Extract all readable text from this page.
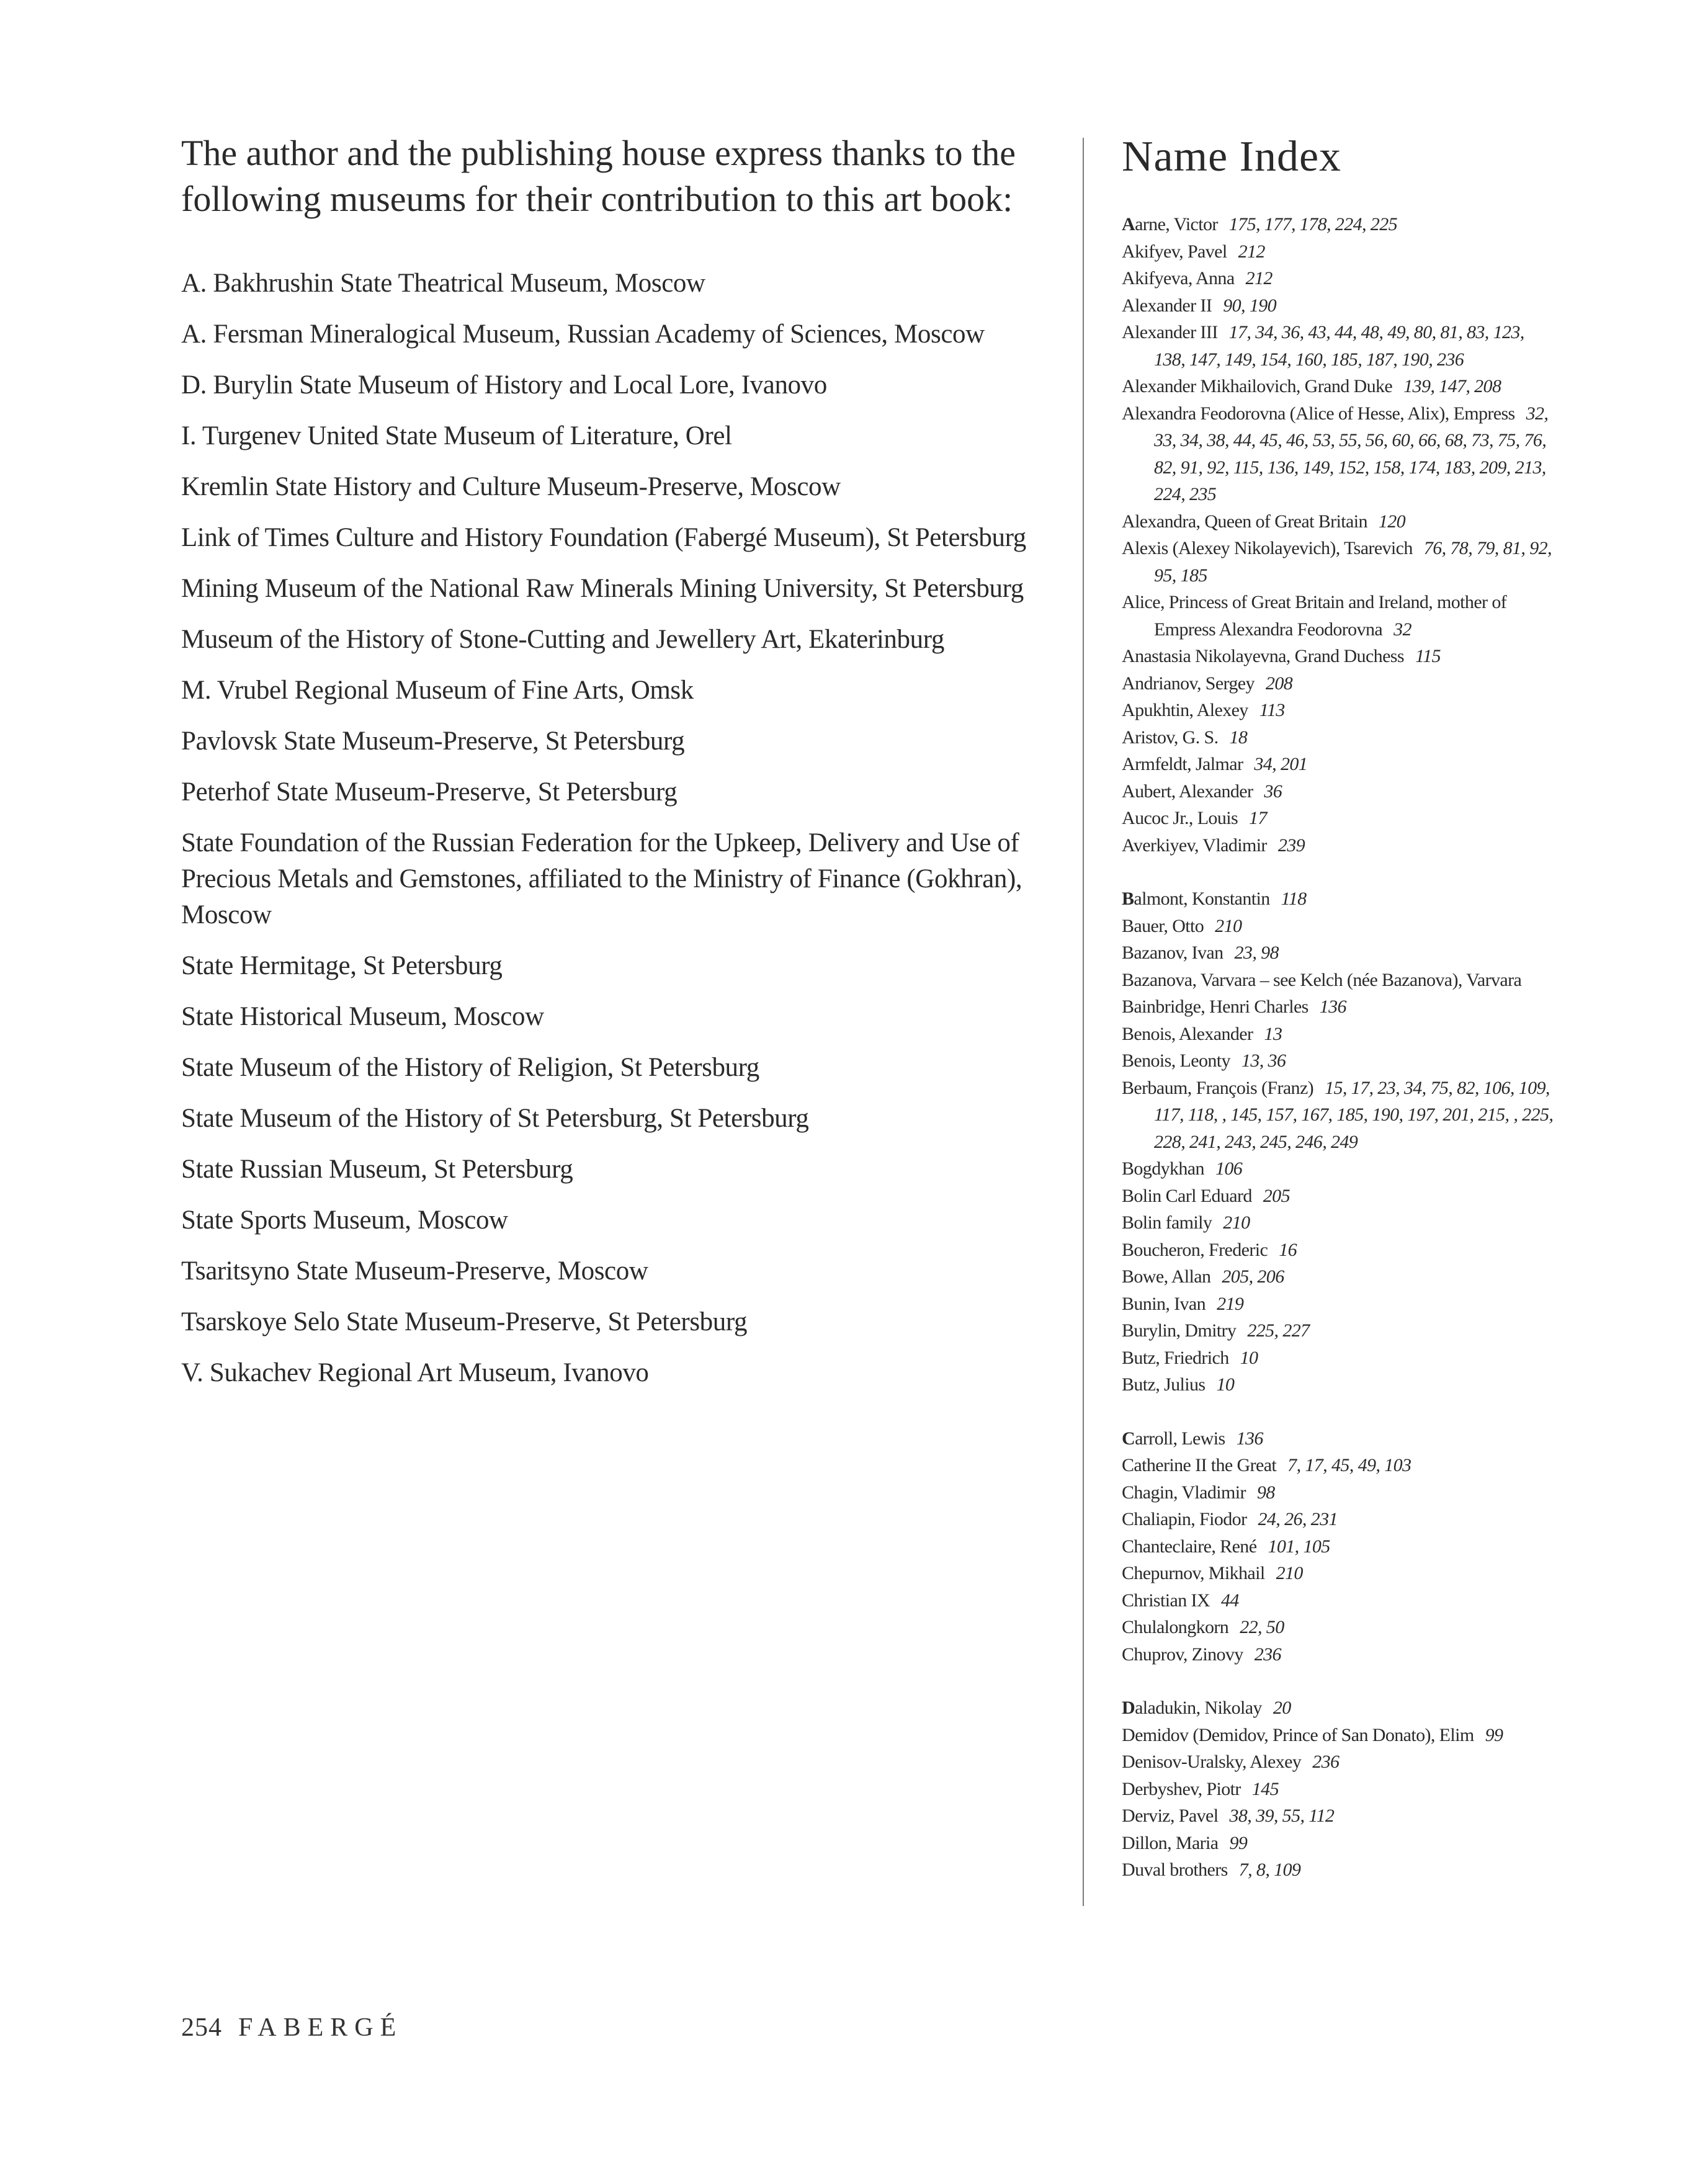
The author and the publishing house express thanks to the following museums for their contribution to this art book:
A. Bakhrushin State Theatrical Museum, Moscow
A. Fersman Mineralogical Museum, Russian Academy of Sciences, Moscow
D. Burylin State Museum of History and Local Lore, Ivanovo
I. Turgenev United State Museum of Literature, Orel
Kremlin State History and Culture Museum-Preserve, Moscow
Link of Times Culture and History Foundation (Fabergé Museum), St Petersburg
Mining Museum of the National Raw Minerals Mining University, St Petersburg
Museum of the History of Stone-Cutting and Jewellery Art, Ekaterinburg
M. Vrubel Regional Museum of Fine Arts, Omsk
Pavlovsk State Museum-Preserve, St Petersburg
Peterhof State Museum-Preserve, St Petersburg
State Foundation of the Russian Federation for the Upkeep, Delivery and Use of Precious Metals and Gemstones, affiliated to the Ministry of Finance (Gokhran), Moscow
State Hermitage, St Petersburg
State Historical Museum, Moscow
State Museum of the History of Religion, St Petersburg
State Museum of the History of St Petersburg, St Petersburg
State Russian Museum, St Petersburg
State Sports Museum, Moscow
Tsaritsyno State Museum-Preserve, Moscow
Tsarskoye Selo State Museum-Preserve, St Petersburg
V. Sukachev Regional Art Museum, Ivanovo
Name Index
Aarne, Victor 175, 177, 178, 224, 225
Akifyev, Pavel 212
Akifyeva, Anna 212
Alexander II 90, 190
Alexander III 17, 34, 36, 43, 44, 48, 49, 80, 81, 83, 123, 138, 147, 149, 154, 160, 185, 187, 190, 236
Alexander Mikhailovich, Grand Duke 139, 147, 208
Alexandra Feodorovna (Alice of Hesse, Alix), Empress 32, 33, 34, 38, 44, 45, 46, 53, 55, 56, 60, 66, 68, 73, 75, 76, 82, 91, 92, 115, 136, 149, 152, 158, 174, 183, 209, 213, 224, 235
Alexandra, Queen of Great Britain 120
Alexis (Alexey Nikolayevich), Tsarevich 76, 78, 79, 81, 92, 95, 185
Alice, Princess of Great Britain and Ireland, mother of Empress Alexandra Feodorovna 32
Anastasia Nikolayevna, Grand Duchess 115
Andrianov, Sergey 208
Apukhtin, Alexey 113
Aristov, G. S. 18
Armfeldt, Jalmar 34, 201
Aubert, Alexander 36
Aucoc Jr., Louis 17
Averkiyev, Vladimir 239
Balmont, Konstantin 118
Bauer, Otto 210
Bazanov, Ivan 23, 98
Bazanova, Varvara – see Kelch (née Bazanova), Varvara
Bainbridge, Henri Charles 136
Benois, Alexander 13
Benois, Leonty 13, 36
Berbaum, François (Franz) 15, 17, 23, 34, 75, 82, 106, 109, 117, 118, , 145, 157, 167, 185, 190, 197, 201, 215, , 225, 228, 241, 243, 245, 246, 249
Bogdykhan 106
Bolin Carl Eduard 205
Bolin family 210
Boucheron, Frederic 16
Bowe, Allan 205, 206
Bunin, Ivan 219
Burylin, Dmitry 225, 227
Butz, Friedrich 10
Butz, Julius 10
Carroll, Lewis 136
Catherine II the Great 7, 17, 45, 49, 103
Chagin, Vladimir 98
Chaliapin, Fiodor 24, 26, 231
Chanteclaire, René 101, 105
Chepurnov, Mikhail 210
Christian IX 44
Chulalongkorn 22, 50
Chuprov, Zinovy 236
Daladukin, Nikolay 20
Demidov (Demidov, Prince of San Donato), Elim 99
Denisov-Uralsky, Alexey 236
Derbyshev, Piotr 145
Derviz, Pavel 38, 39, 55, 112
Dillon, Maria 99
Duval brothers 7, 8, 109
254 FABERGÉ
